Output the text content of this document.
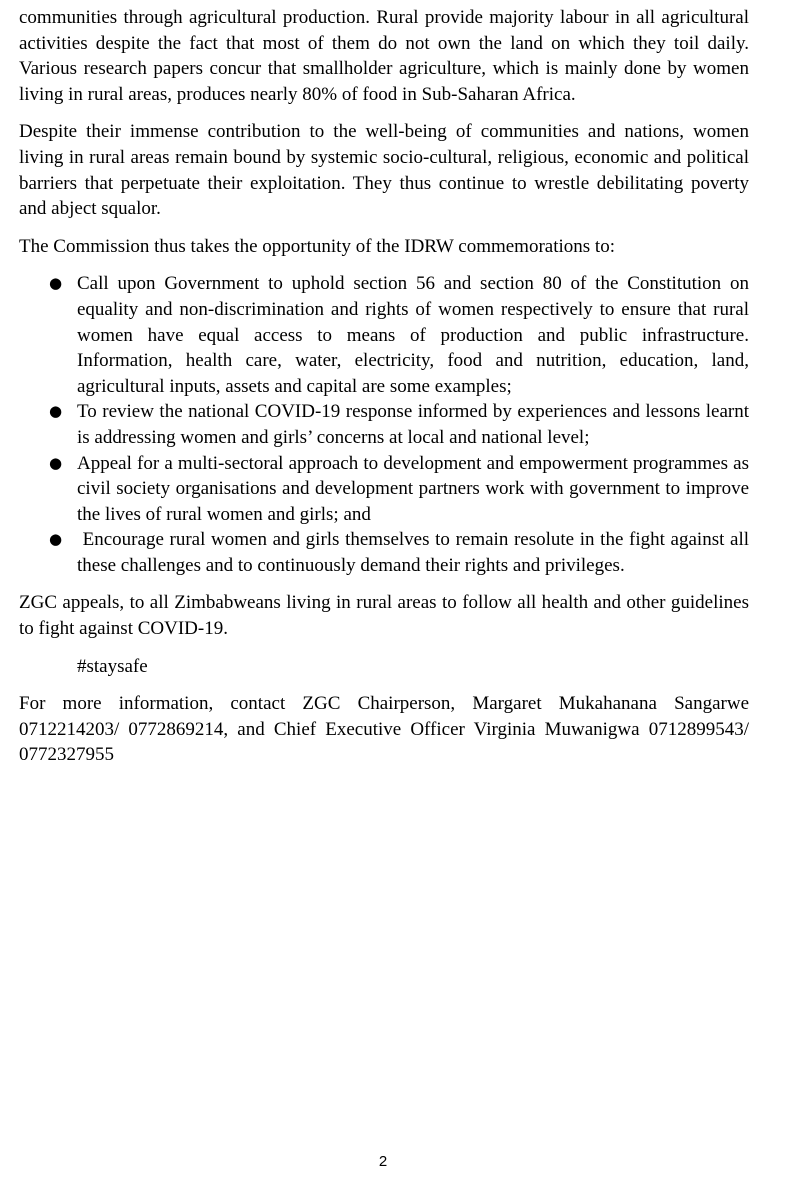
communities through agricultural production. Rural provide majority labour in all agricultural activities despite the fact that most of them do not own the land on which they toil daily. Various research papers concur that smallholder agriculture, which is mainly done by women living in rural areas, produces nearly 80% of food in Sub-Saharan Africa.

Despite their immense contribution to the well-being of communities and nations, women living in rural areas remain bound by systemic socio-cultural, religious, economic and political barriers that perpetuate their exploitation. They thus continue to wrestle debilitating poverty and abject squalor.

The Commission thus takes the opportunity of the IDRW commemorations to:

● Call upon Government to uphold section 56 and section 80 of the Constitution on equality and non-discrimination and rights of women respectively to ensure that rural women have equal access to means of production and public infrastructure. Information, health care, water, electricity, food and nutrition, education, land, agricultural inputs, assets and capital are some examples;
● To review the national COVID-19 response informed by experiences and lessons learnt is addressing women and girls’ concerns at local and national level;
● Appeal for a multi-sectoral approach to development and empowerment programmes as civil society organisations and development partners work with government to improve the lives of rural women and girls; and
● Encourage rural women and girls themselves to remain resolute in the fight against all these challenges and to continuously demand their rights and privileges.

ZGC appeals, to all Zimbabweans living in rural areas to follow all health and other guidelines to fight against COVID-19.

#staysafe

For more information, contact ZGC Chairperson, Margaret Mukahanana Sangarwe 0712214203/ 0772869214, and Chief Executive Officer Virginia Muwanigwa 0712899543/ 0772327955

2
